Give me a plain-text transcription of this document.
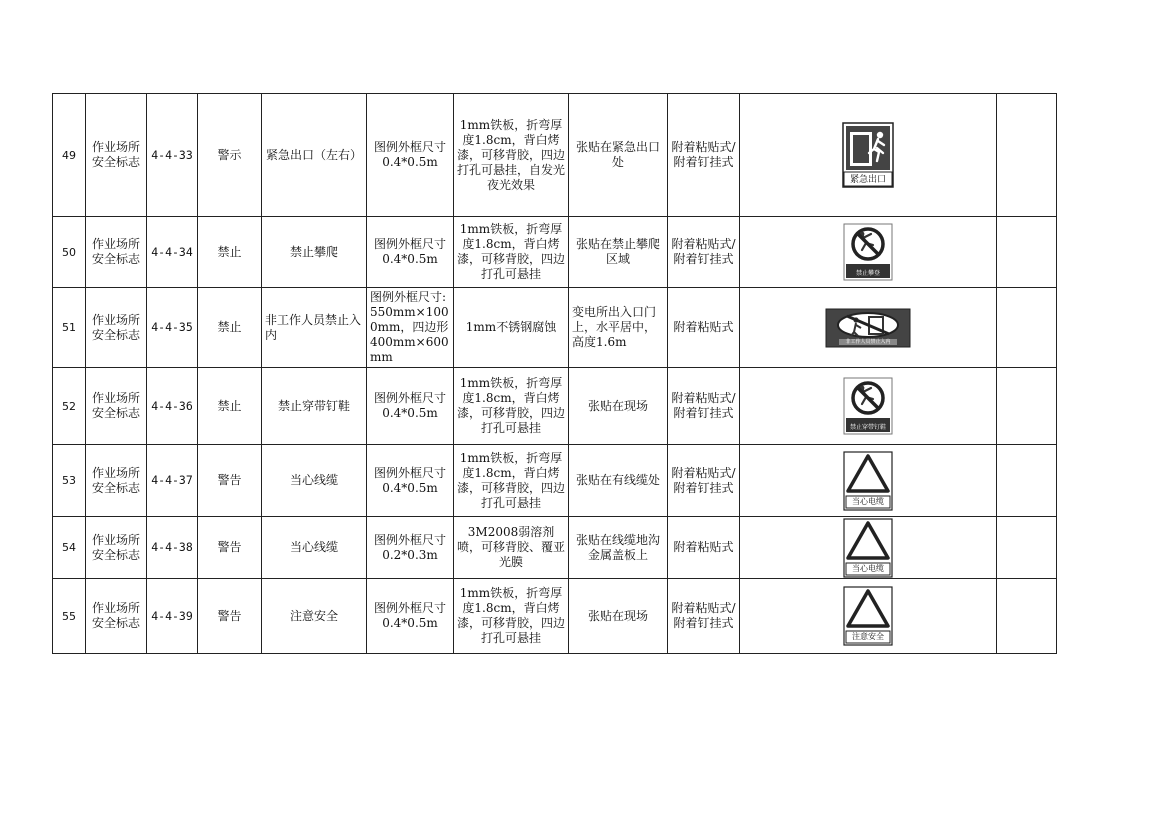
49	作业场所安全标志	4-4-33	警示	紧急出口（左右）	图例外框尺寸0.4*0.5m	1mm铁板，折弯厚度1.8cm，背白烤漆，可移背胶，四边打孔可悬挂，自发光夜光效果	张贴在紧急出口处	附着粘贴式/附着钉挂式	紧急出口	

50	作业场所安全标志	4-4-34	禁止	禁止攀爬	图例外框尺寸0.4*0.5m	1mm铁板，折弯厚度1.8cm，背白烤漆，可移背胶，四边打孔可悬挂	张贴在禁止攀爬区域	附着粘贴式/附着钉挂式	禁止攀登	

51	作业场所安全标志	4-4-35	禁止	非工作人员禁止入内	图例外框尺寸:550mm×1000mm，四边形400mm×600mm	1mm不锈钢腐蚀	变电所出入口门上，水平居中，高度1.6m	附着粘贴式	非工作人员禁止入内	

52	作业场所安全标志	4-4-36	禁止	禁止穿带钉鞋	图例外框尺寸0.4*0.5m	1mm铁板，折弯厚度1.8cm，背白烤漆，可移背胶，四边打孔可悬挂	张贴在现场	附着粘贴式/附着钉挂式	禁止穿带钉鞋	

53	作业场所安全标志	4-4-37	警告	当心线缆	图例外框尺寸0.4*0.5m	1mm铁板，折弯厚度1.8cm，背白烤漆，可移背胶，四边打孔可悬挂	张贴在有线缆处	附着粘贴式/附着钉挂式	当心电缆	

54	作业场所安全标志	4-4-38	警告	当心线缆	图例外框尺寸0.2*0.3m	3M2008弱溶剂喷，可移背胶、覆亚光膜	张贴在线缆地沟金属盖板上	附着粘贴式	当心电缆	

55	作业场所安全标志	4-4-39	警告	注意安全	图例外框尺寸0.4*0.5m	1mm铁板，折弯厚度1.8cm，背白烤漆，可移背胶，四边打孔可悬挂	张贴在现场	附着粘贴式/附着钉挂式	注意安全	
